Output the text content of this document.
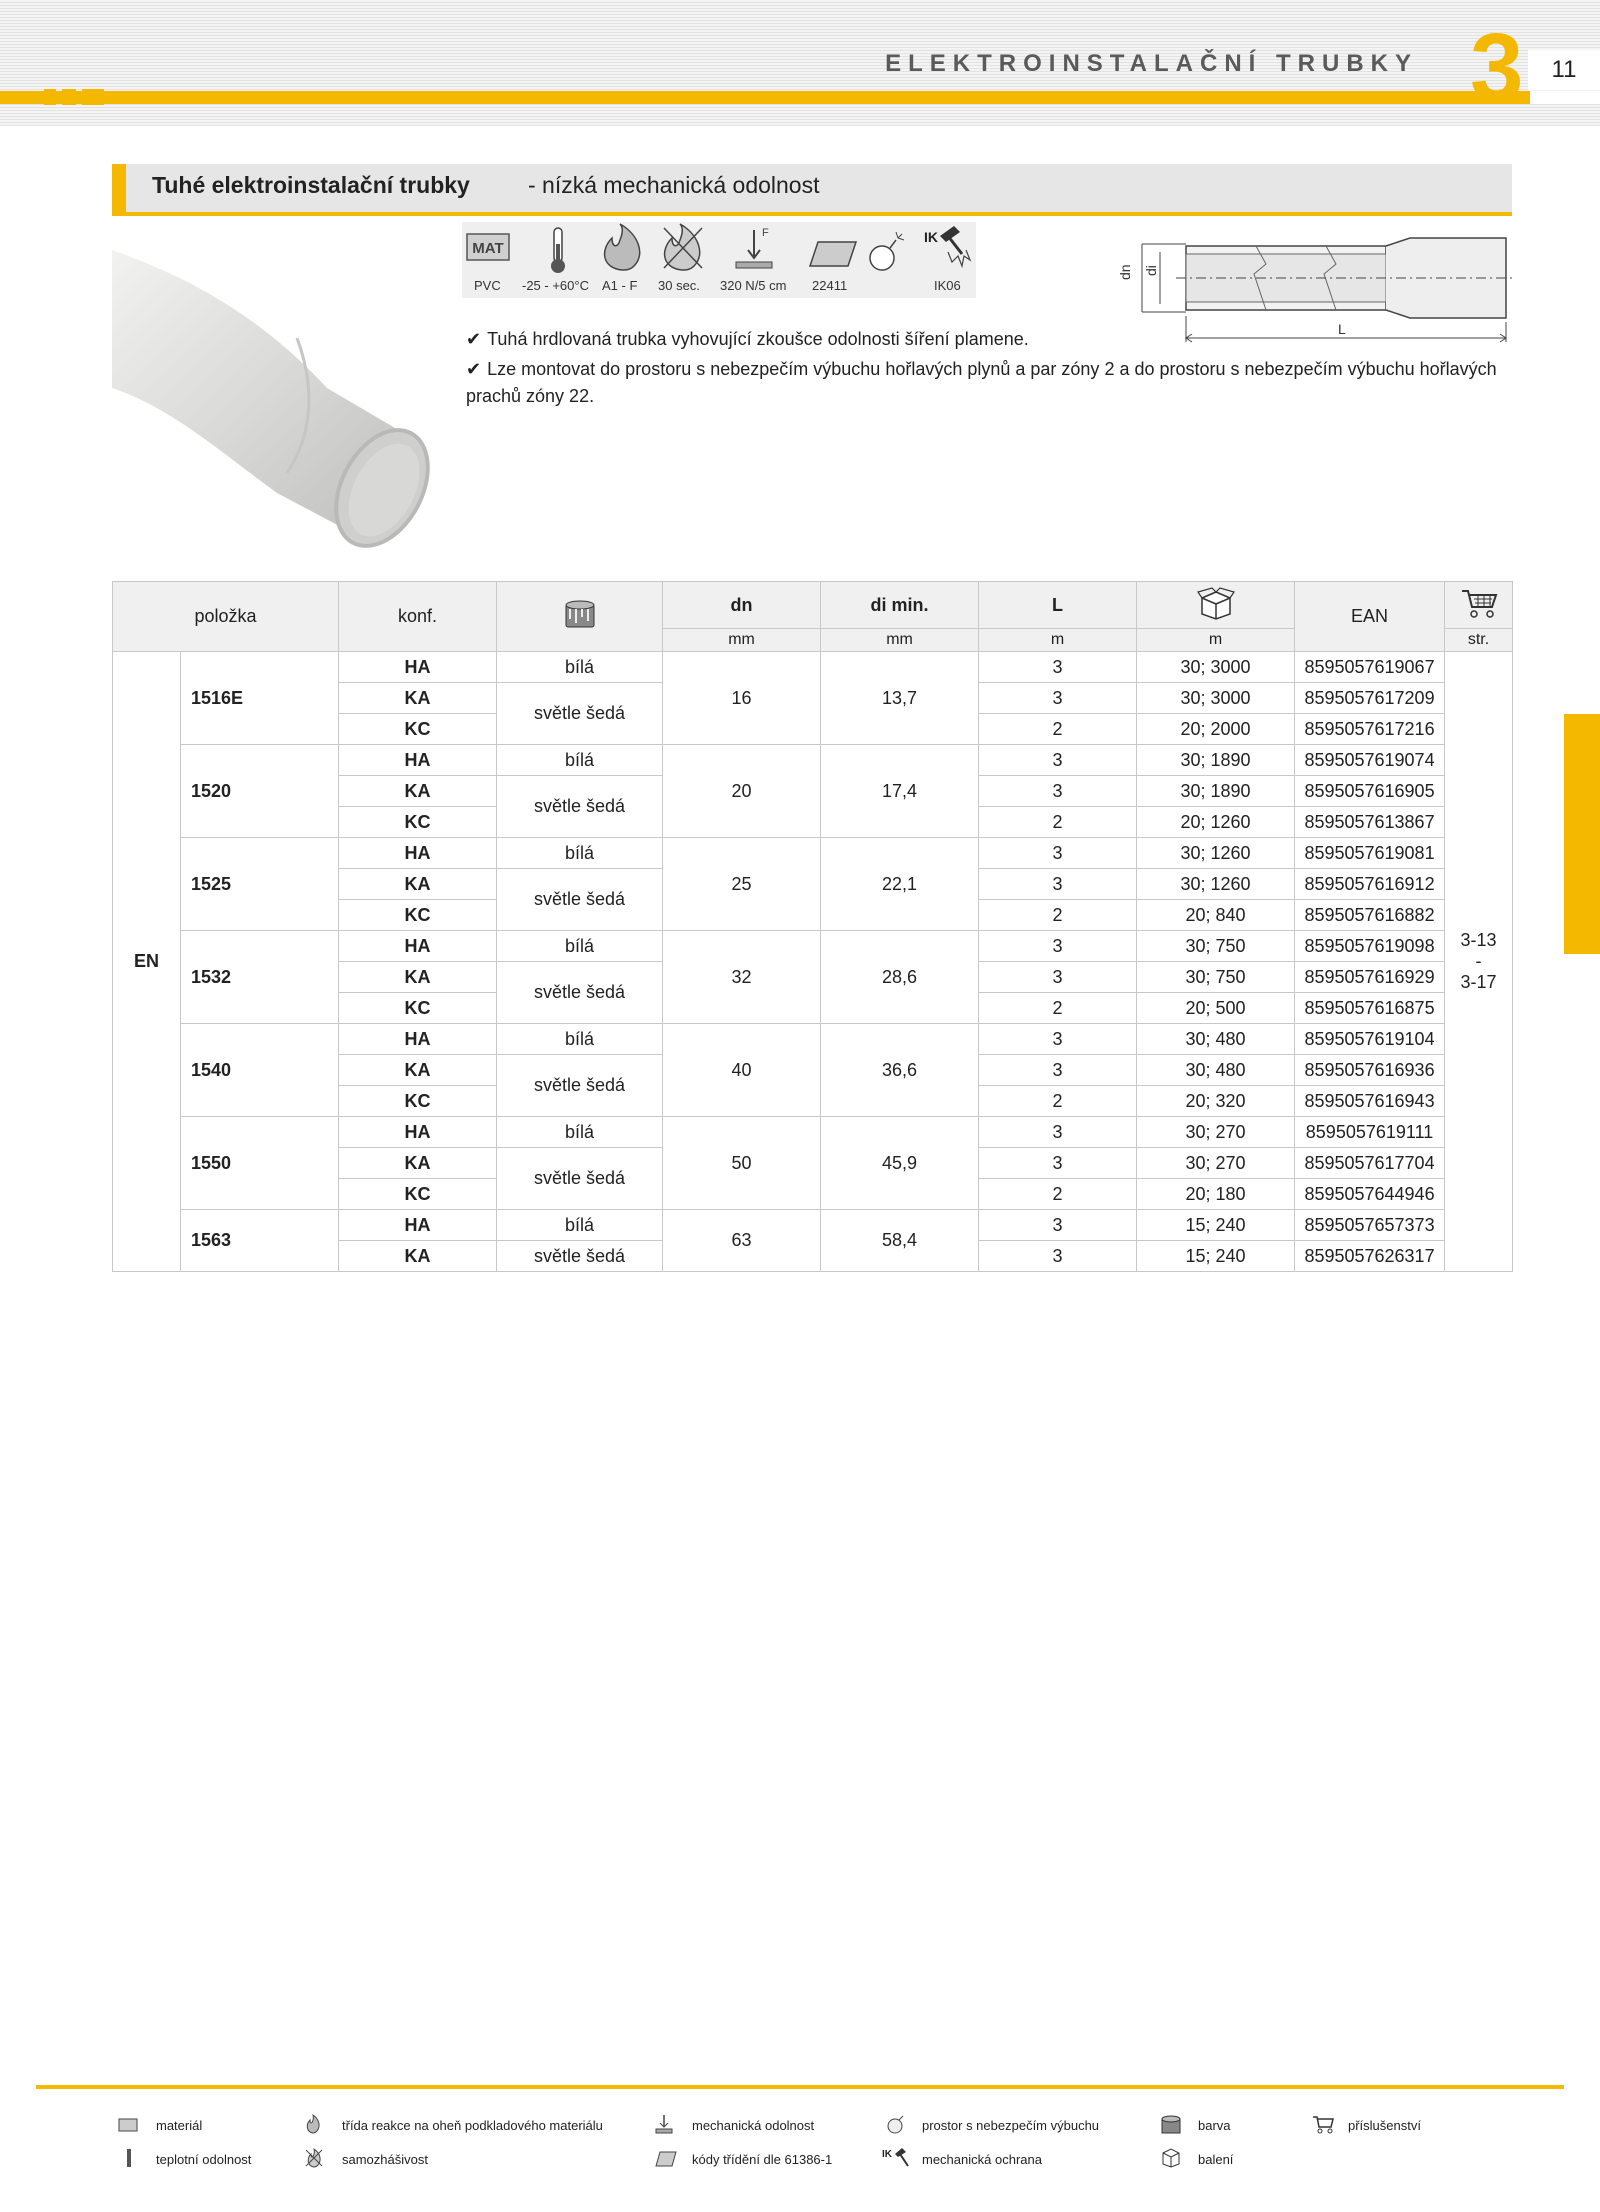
ELEKTROINSTALAČNÍ TRUBKY 3	11
Tuhé elektroinstalační trubky	- nízká mechanická odolnost
MAT
F	IK
PVC -25 - +60°C A1 - F 30 sec. 320 N/5 cm 22411	IK06
dn di
L
✔ Tuhá hrdlovaná trubka vyhovující zkoušce odolnosti šíření plamene.
✔ Lze montovat do prostoru s nebezpečím výbuchu hořlavých plynů a par zóny 2 a do prostoru s nebezpečím výbuchu hořlavých prachů zóny 22.
položka		konf.		dn	di min.	L		EAN	
				mm	mm	m	m		str.
EN	1516E	HA	bílá	16	13,7	3	30; 3000	8595057619067	3-13
-
3-17

		KA	světle šedá			3	30; 3000	8595057617209	
		KC				2	20; 2000	8595057617216	
	1520	HA	bílá	20	17,4	3	30; 1890	8595057619074	
		KA	světle šedá			3	30; 1890	8595057616905	
		KC				2	20; 1260	8595057613867	
	1525	HA	bílá	25	22,1	3	30; 1260	8595057619081	
		KA	světle šedá			3	30; 1260	8595057616912	
		KC				2	20; 840	8595057616882	
	1532	HA	bílá	32	28,6	3	30; 750	8595057619098	
		KA	světle šedá			3	30; 750	8595057616929	
		KC				2	20; 500	8595057616875	
	1540	HA	bílá	40	36,6	3	30; 480	8595057619104	
		KA	světle šedá			3	30; 480	8595057616936	
		KC				2	20; 320	8595057616943	
	1550	HA	bílá	50	45,9	3	30; 270	8595057619111	
		KA	světle šedá			3	30; 270	8595057617704	
		KC				2	20; 180	8595057644946	
	1563	HA	bílá	63	58,4	3	15; 240	8595057657373	
		KA	světle šedá			3	15; 240	8595057626317	
materiál	třída reakce na oheň podkladového materiálu	mechanická odolnost	prostor s nebezpečím výbuchu	barva	příslušenství
teplotní odolnost	samozhášivost	kódy třídění dle 61386-1	IK mechanická ochrana	balení
